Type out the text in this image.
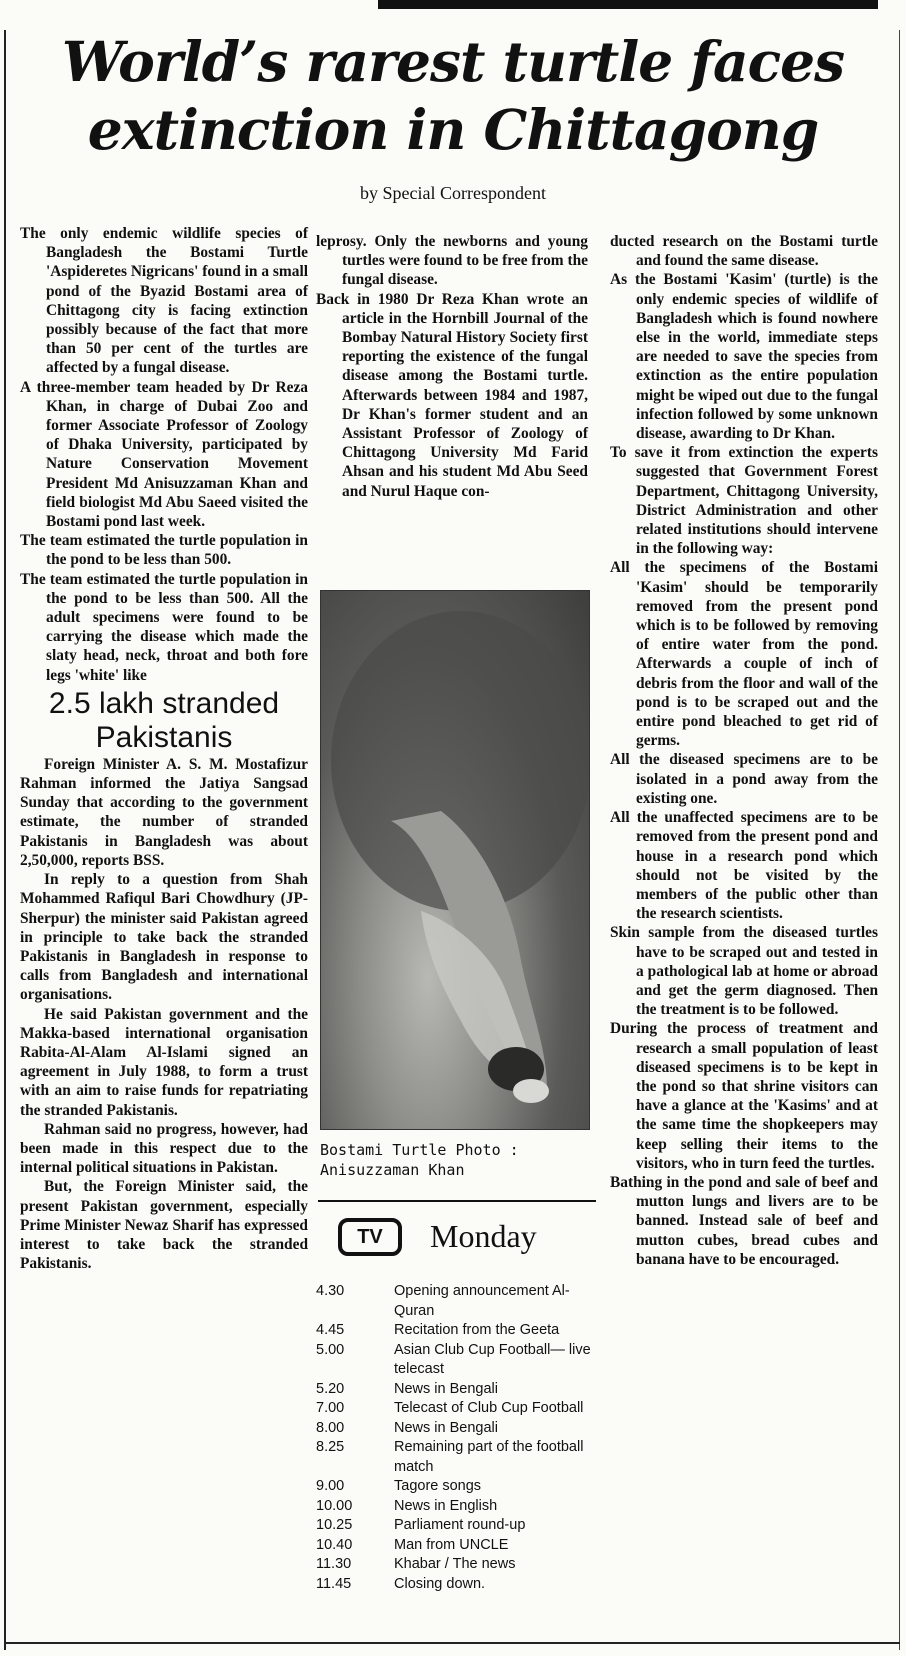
World’s rarest turtle faces extinction in Chittagong
by Special Correspondent

The only endemic wildlife species of Bangladesh the Bostami Turtle 'Aspideretes Nigricans' found in a small pond of the Byazid Bostami area of Chittagong city is facing extinction possibly because of the fact that more than 50 per cent of the turtles are affected by a fungal disease.

A three-member team headed by Dr Reza Khan, in charge of Dubai Zoo and former Associate Professor of Zoology of Dhaka University, participated by Nature Conservation Movement President Md Anisuzzaman Khan and field biologist Md Abu Saeed visited the Bostami pond last week.

The team estimated the turtle population in the pond to be less than 500.

The team estimated the turtle population in the pond to be less than 500. All the adult specimens were found to be carrying the disease which made the slaty head, neck, throat and both fore legs 'white' like

2.5 lakh stranded
Pakistanis

Foreign Minister A. S. M. Mostafizur Rahman informed the Jatiya Sangsad Sunday that according to the government estimate, the number of stranded Pakistanis in Bangladesh was about 2,50,000, reports BSS.

In reply to a question from Shah Mohammed Rafiqul Bari Chowdhury (JP-Sherpur) the minister said Pakistan agreed in principle to take back the stranded Pakistanis in Bangladesh in response to calls from Bangladesh and international organisations.

He said Pakistan government and the Makka-based international organisation Rabita-Al-Alam Al-Islami signed an agreement in July 1988, to form a trust with an aim to raise funds for repatriating the stranded Pakistanis.

Rahman said no progress, however, had been made in this respect due to the internal political situations in Pakistan.

But, the Foreign Minister said, the present Pakistan government, especially Prime Minister Newaz Sharif has expressed interest to take back the stranded Pakistanis.

leprosy. Only the newborns and young turtles were found to be free from the fungal disease.

Back in 1980 Dr Reza Khan wrote an article in the Hornbill Journal of the Bombay Natural History Society first reporting the existence of the fungal disease among the Bostami turtle. Afterwards between 1984 and 1987, Dr Khan's former student and an Assistant Professor of Zoology of Chittagong University Md Farid Ahsan and his student Md Abu Seed and Nurul Haque con-

Bostami Turtle Photo : Anisuzzaman Khan
TV	Monday
4.30	Opening announcement Al-Quran
4.45	Recitation from the Geeta
5.00	Asian Club Cup Football— live telecast
5.20	News in Bengali
7.00	Telecast of Club Cup Football
8.00	News in Bengali
8.25	Remaining part of the football match
9.00	Tagore songs
10.00	News in English
10.25	Parliament round-up
10.40	Man from UNCLE
11.30	Khabar / The news
11.45	Closing down.

ducted research on the Bostami turtle and found the same disease.

As the Bostami 'Kasim' (turtle) is the only endemic species of wildlife of Bangladesh which is found nowhere else in the world, immediate steps are needed to save the species from extinction as the entire population might be wiped out due to the fungal infection followed by some unknown disease, awarding to Dr Khan.

To save it from extinction the experts suggested that Government Forest Department, Chittagong University, District Administration and other related institutions should intervene in the following way:

All the specimens of the Bostami 'Kasim' should be temporarily removed from the present pond which is to be followed by removing of entire water from the pond. Afterwards a couple of inch of debris from the floor and wall of the pond is to be scraped out and the entire pond bleached to get rid of germs.

All the diseased specimens are to be isolated in a pond away from the existing one.

All the unaffected specimens are to be removed from the present pond and house in a research pond which should not be visited by the members of the public other than the research scientists.

Skin sample from the diseased turtles have to be scraped out and tested in a pathological lab at home or abroad and get the germ diagnosed. Then the treatment is to be followed.

During the process of treatment and research a small population of least diseased specimens is to be kept in the pond so that shrine visitors can have a glance at the 'Kasims' and at the same time the shopkeepers may keep selling their items to the visitors, who in turn feed the turtles.

Bathing in the pond and sale of beef and mutton lungs and livers are to be banned. Instead sale of beef and mutton cubes, bread cubes and banana have to be encouraged.
